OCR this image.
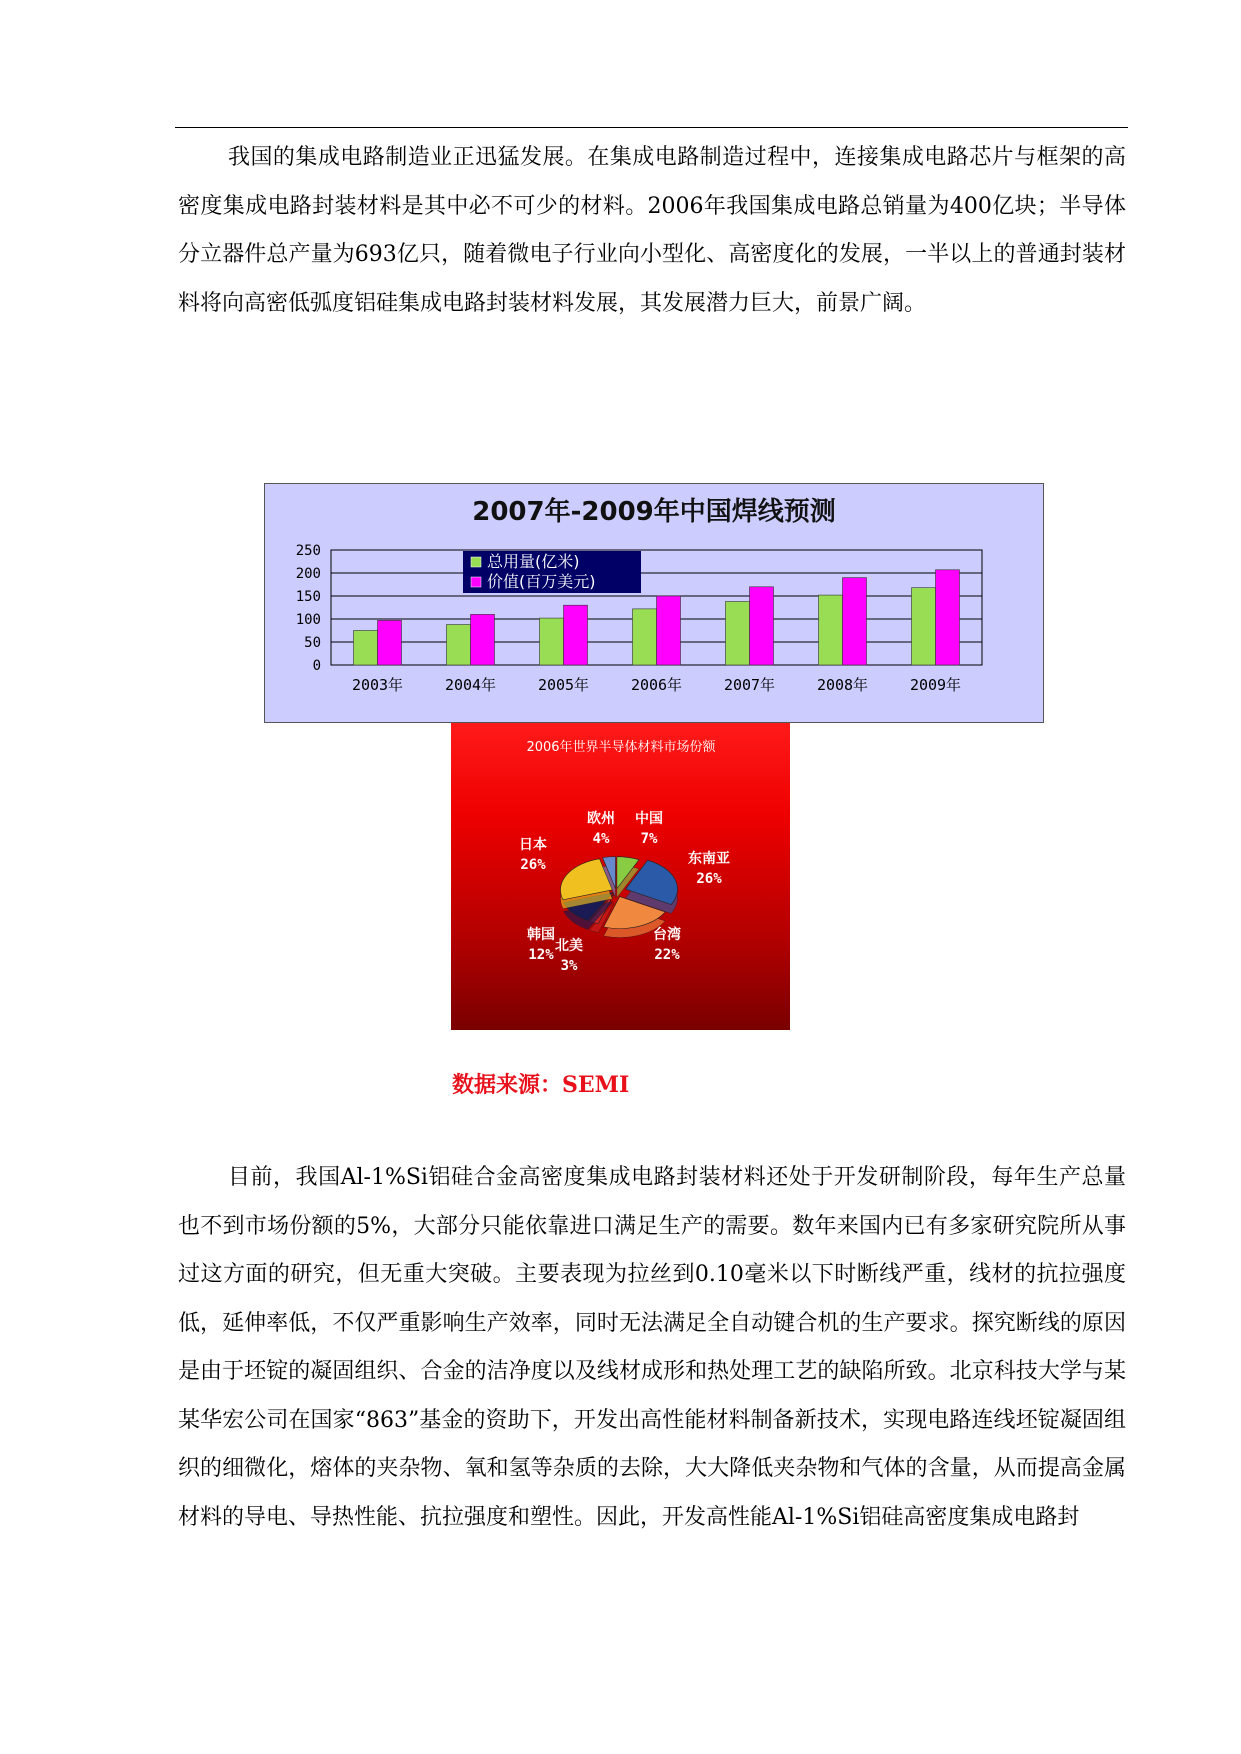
我国的集成电路制造业正迅猛发展。在集成电路制造过程中，连接集成电路芯片与框架的高密度集成电路封装材料是其中必不可少的材料。2006年我国集成电路总销量为400亿块；半导体分立器件总产量为693亿只，随着微电子行业向小型化、高密度化的发展，一半以上的普通封装材料将向高密低弧度铝硅集成电路封装材料发展，其发展潜力巨大，前景广阔。

2007年-2009年中国焊线预测
250
200
150
100
50
0
2003年	2004年	2005年	2006年	2007年	2008年	2009年
总用量(亿米)
价值(百万美元)
2006年世界半导体材料市场份额
中国
7%
东南亚
26%
台湾
22%
北美
3%
韩国
12%
日本
26%
欧州
4%
数据来源：SEMI

目前，我国Al-1%Si铝硅合金高密度集成电路封装材料还处于开发研制阶段，每年生产总量也不到市场份额的5%，大部分只能依靠进口满足生产的需要。数年来国内已有多家研究院所从事过这方面的研究，但无重大突破。主要表现为拉丝到0.10毫米以下时断线严重，线材的抗拉强度低，延伸率低，不仅严重影响生产效率，同时无法满足全自动键合机的生产要求。探究断线的原因是由于坯锭的凝固组织、合金的洁净度以及线材成形和热处理工艺的缺陷所致。北京科技大学与某某华宏公司在国家“863”基金的资助下，开发出高性能材料制备新技术，实现电路连线坯锭凝固组织的细微化，熔体的夹杂物、氧和氢等杂质的去除，大大降低夹杂物和气体的含量，从而提高金属材料的导电、导热性能、抗拉强度和塑性。因此，开发高性能Al-1%Si铝硅高密度集成电路封
